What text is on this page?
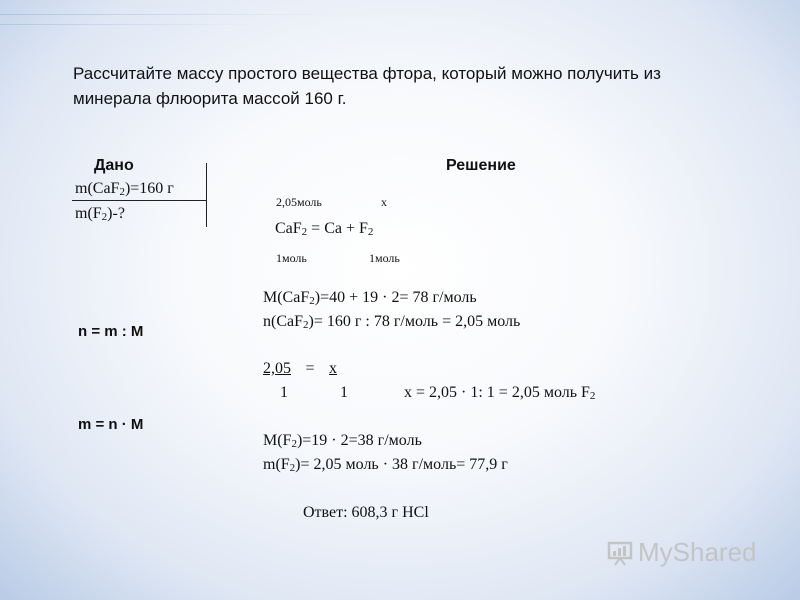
Рассчитайте массу простого вещества фтора, который можно получить из
минерала флюорита массой 160 г.
Дано
m(CaF2)=160 г
m(F2)-?
n = m : M
m = n · M
Решение
2,05моль	x
CaF2 = Ca + F2
1моль	1моль
M(CaF2)=40 + 19 · 2= 78 г/моль
n(CaF2)= 160 г : 78 г/моль = 2,05 моль
2,05 = x
1	1	x = 2,05 · 1: 1 = 2,05 моль F2
M(F2)=19 · 2=38 г/моль
m(F2)= 2,05 моль · 38 г/моль= 77,9 г
Ответ: 608,3 г HCl
MyShared
